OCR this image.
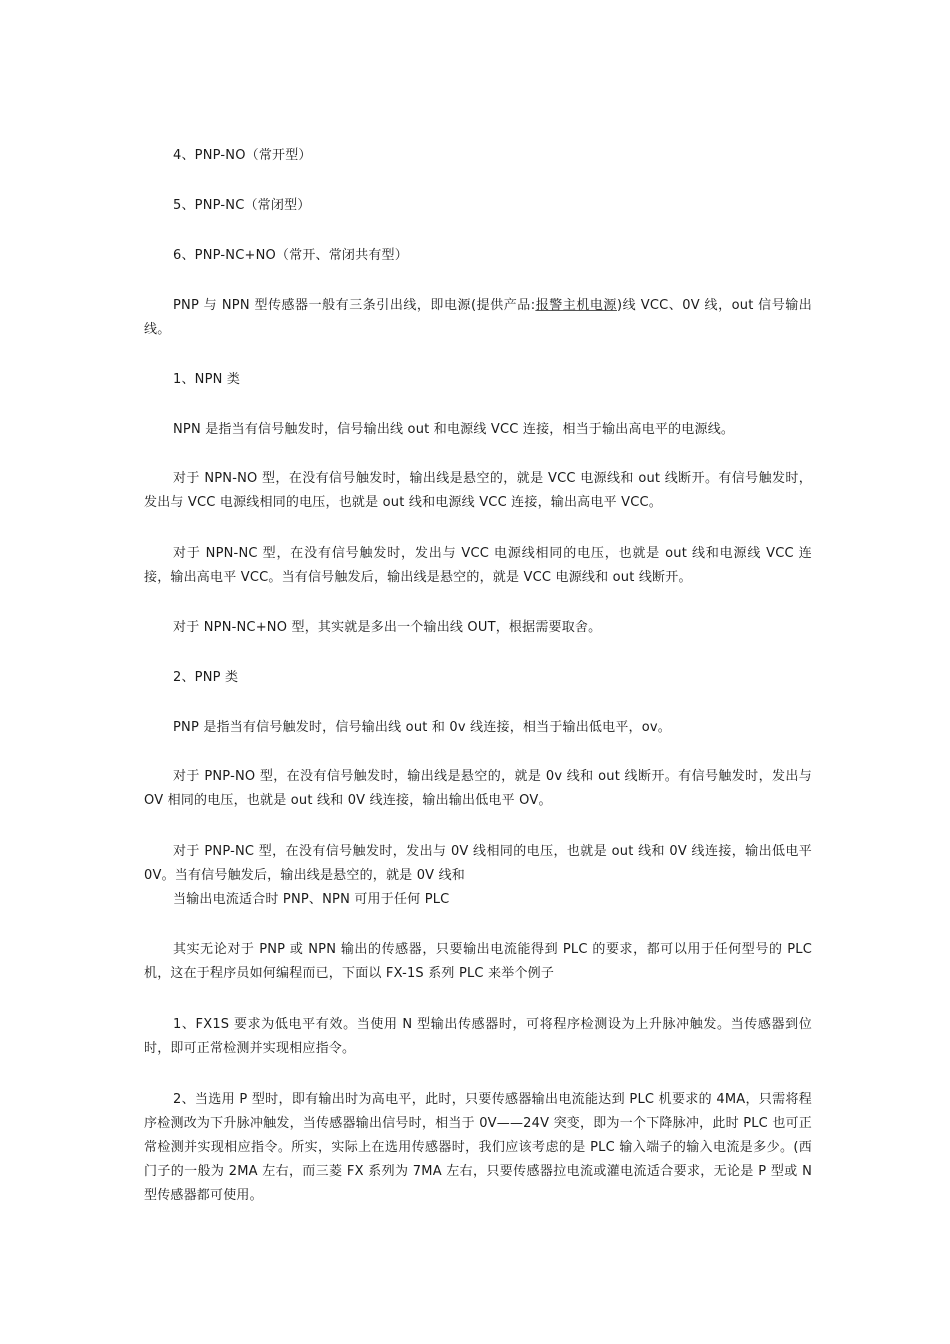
4、PNP-NO（常开型）

5、PNP-NC（常闭型）

6、PNP-NC+NO（常开、常闭共有型）

PNP 与 NPN 型传感器一般有三条引出线，即电源(提供产品:报警主机电源)线 VCC、0V 线，out 信号输出线。

1、NPN 类

NPN 是指当有信号触发时，信号输出线 out 和电源线 VCC 连接，相当于输出高电平的电源线。

对于 NPN-NO 型，在没有信号触发时，输出线是悬空的，就是 VCC 电源线和 out 线断开。有信号触发时，发出与 VCC 电源线相同的电压，也就是 out 线和电源线 VCC 连接，输出高电平 VCC。

对于 NPN-NC 型，在没有信号触发时，发出与 VCC 电源线相同的电压，也就是 out 线和电源线 VCC 连接，输出高电平 VCC。当有信号触发后，输出线是悬空的，就是 VCC 电源线和 out 线断开。

对于 NPN-NC+NO 型，其实就是多出一个输出线 OUT，根据需要取舍。

2、PNP 类

PNP 是指当有信号触发时，信号输出线 out 和 0v 线连接，相当于输出低电平，ov。

对于 PNP-NO 型，在没有信号触发时，输出线是悬空的，就是 0v 线和 out 线断开。有信号触发时，发出与 OV 相同的电压，也就是 out 线和 0V 线连接，输出输出低电平 OV。

对于 PNP-NC 型，在没有信号触发时，发出与 0V 线相同的电压，也就是 out 线和 0V 线连接，输出低电平 0V。当有信号触发后，输出线是悬空的，就是 0V 线和
当输出电流适合时 PNP、NPN 可用于任何 PLC

其实无论对于 PNP 或 NPN 输出的传感器，只要输出电流能得到 PLC 的要求，都可以用于任何型号的 PLC 机，这在于程序员如何编程而已，下面以 FX-1S 系列 PLC 来举个例子

1、FX1S 要求为低电平有效。当使用 N 型输出传感器时，可将程序检测设为上升脉冲触发。当传感器到位时，即可正常检测并实现相应指令。

2、当选用 P 型时，即有输出时为高电平，此时，只要传感器输出电流能达到 PLC 机要求的 4MA，只需将程序检测改为下升脉冲触发，当传感器输出信号时，相当于 0V——24V 突变，即为一个下降脉冲，此时 PLC 也可正常检测并实现相应指令。所实，实际上在选用传感器时，我们应该考虑的是 PLC 输入端子的输入电流是多少。(西门子的一般为 2MA 左右，而三菱 FX 系列为 7MA 左右，只要传感器拉电流或灌电流适合要求，无论是 P 型或 N 型传感器都可使用。
